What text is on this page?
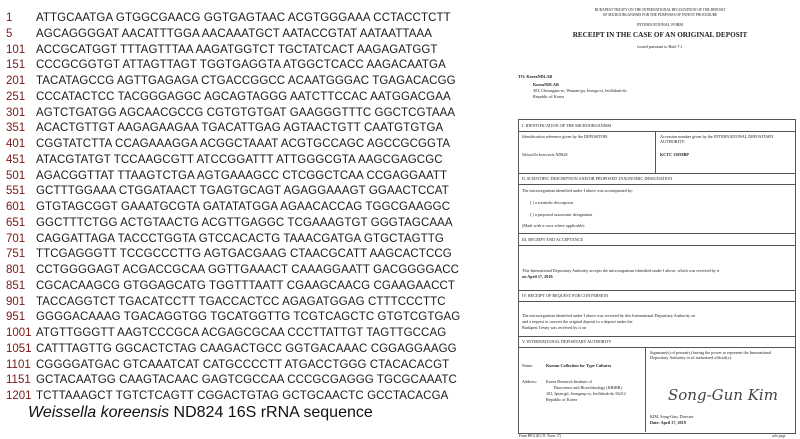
1	ATTGCAATGA GTGGCGAACG GGTGAGTAAC ACGTGGGAAA CCTACCTCTT
5	AGCAGGGGAT AACATTTGGA AACAAATGCT AATACCGTAT AATAATTAAA
101 ACCGCATGGT TTTAGTTTAA AAGATGGTCT TGCTATCACT AAGAGATGGT
151 CCCGCGGTGT ATTAGTTAGT TGGTGAGGTA ATGGCTCACC AAGACAATGA
201 TACATAGCCG AGTTGAGAGA CTGACCGGCC ACAATGGGAC TGAGACACGG
251 CCCATACTCC TACGGGAGGC AGCAGTAGGG AATCTTCCAC AATGGACGAA
301 AGTCTGATGG AGCAACGCCG CGTGTGTGAT GAAGGGTTTC GGCTCGTAAA
351 ACACTGTTGT AAGAGAAGAA TGACATTGAG AGTAACTGTT CAATGTGTGA
401 CGGTATCTTA CCAGAAAGGA ACGGCTAAAT ACGTGCCAGC AGCCGCGGTA
451 ATACGTATGT TCCAAGCGTT ATCCGGATTT ATTGGGCGTA AAGCGAGCGC
501 AGACGGTTAT TTAAGTCTGA AGTGAAAGCC CTCGGCTCAA CCGAGGAATT
551 GCTTTGGAAA CTGGATAACT TGAGTGCAGT AGAGGAAAGT GGAACTCCAT
601 GTGTAGCGGT GAAATGCGTA GATATATGGA AGAACACCAG TGGCGAAGGC
651 GGCTTTCTGG ACTGTAACTG ACGTTGAGGC TCGAAAGTGT GGGTAGCAAA
701 CAGGATTAGA TACCCTGGTA GTCCACACTG TAAACGATGA GTGCTAGTTG
751 TTCGAGGGTT TCCGCCCTTG AGTGACGAAG CTAACGCATT AAGCACTCCG
801 CCTGGGGAGT ACGACCGCAA GGTTGAAACT CAAAGGAATT GACGGGGACC
851 CGCACAAGCG GTGGAGCATG TGGTTTAATT CGAAGCAACG CGAAGAACCT
901 TACCAGGTCT TGACATCCTT TGACCACTCC AGAGATGGAG CTTTCCCTTC
951 GGGGACAAAG TGACAGGTGG TGCATGGTTG TCGTCAGCTC GTGTCGTGAG
1001 ATGTTGGGTT AAGTCCCGCA ACGAGCGCAA CCCTTATTGT TAGTTGCCAG
1051 CATTTAGTTG GGCACTCTAG CAAGACTGCC GGTGACAAAC CGGAGGAAGG
1101 CGGGGATGAC GTCAAATCAT CATGCCCCTT ATGACCTGGG CTACACACGT
1151 GCTACAATGG CAAGTACAAC GAGTCGCCAA CCCGCGAGGG TGCGCAAATC
1201 TCTTAAAGCT TGTCTCAGTT CGGACTGTAG GCTGCAACTC GCCTACACGA
Weissella koreensis ND824 16S rRNA sequence
BUDAPEST TREATY ON THE INTERNATIONAL RECOGNITION OF THE DEPOSIT
OF MICROORGANISMS FOR THE PURPOSES OF PATENT PROCEDURE
INTERNATIONAL FORM
RECEIPT IN THE CASE OF AN ORIGINAL DEPOSIT
issued pursuant to Rule 7.1
TO: KoreaNDLAB
KoreaNDLAB
303, Cheongam-ro, Wanam-gu, Jeongu-si, Jeollabuk-do
Republic of Korea
I. IDENTIFICATION OF THE MICROORGANISM
Identification reference given by the DEPOSITOR:
Weissella koreensis ND824
Accession number given by the INTERNATIONAL DEPOSITARY AUTHORITY:
KCTC 13838BP
II. SCIENTIFIC DESCRIPTION AND/OR PROPOSED TAXONOMIC DESIGNATION
The microorganism identified under I above was accompanied by:
[ ] a scientific description
[ ] a proposed taxonomic designation
(Mark with a cross where applicable)
III. RECEIPT AND ACCEPTANCE
This International Depositary Authority accepts the microorganism identified under I above, which was received by it
on April 17, 2019.
IV. RECEIPT OF REQUEST FOR CONVERSION
The microorganism identified under I above was received by this International Depositary Authority on
and a request to convert the original deposit to a deposit under the
Budapest Treaty was received by it on
V. INTERNATIONAL DEPOSITARY AUTHORITY
Name:	Korean Collection for Type Cultures
Address: Korea Research Institute of
Bioscience and Biotechnology (KRIBB)
181, Ipsin-gil, Jeongeup-si, Jeollabuk-do 56212
Republic of Korea
Signature(s) of person(s) having the power to represent the International Depositary Authority or of authorized official(s):
Song-Gun Kim
KIM, Song-Gun, Director
Date: April 17, 2019
Form BP/4 (KCTC Form 17)	sole page
